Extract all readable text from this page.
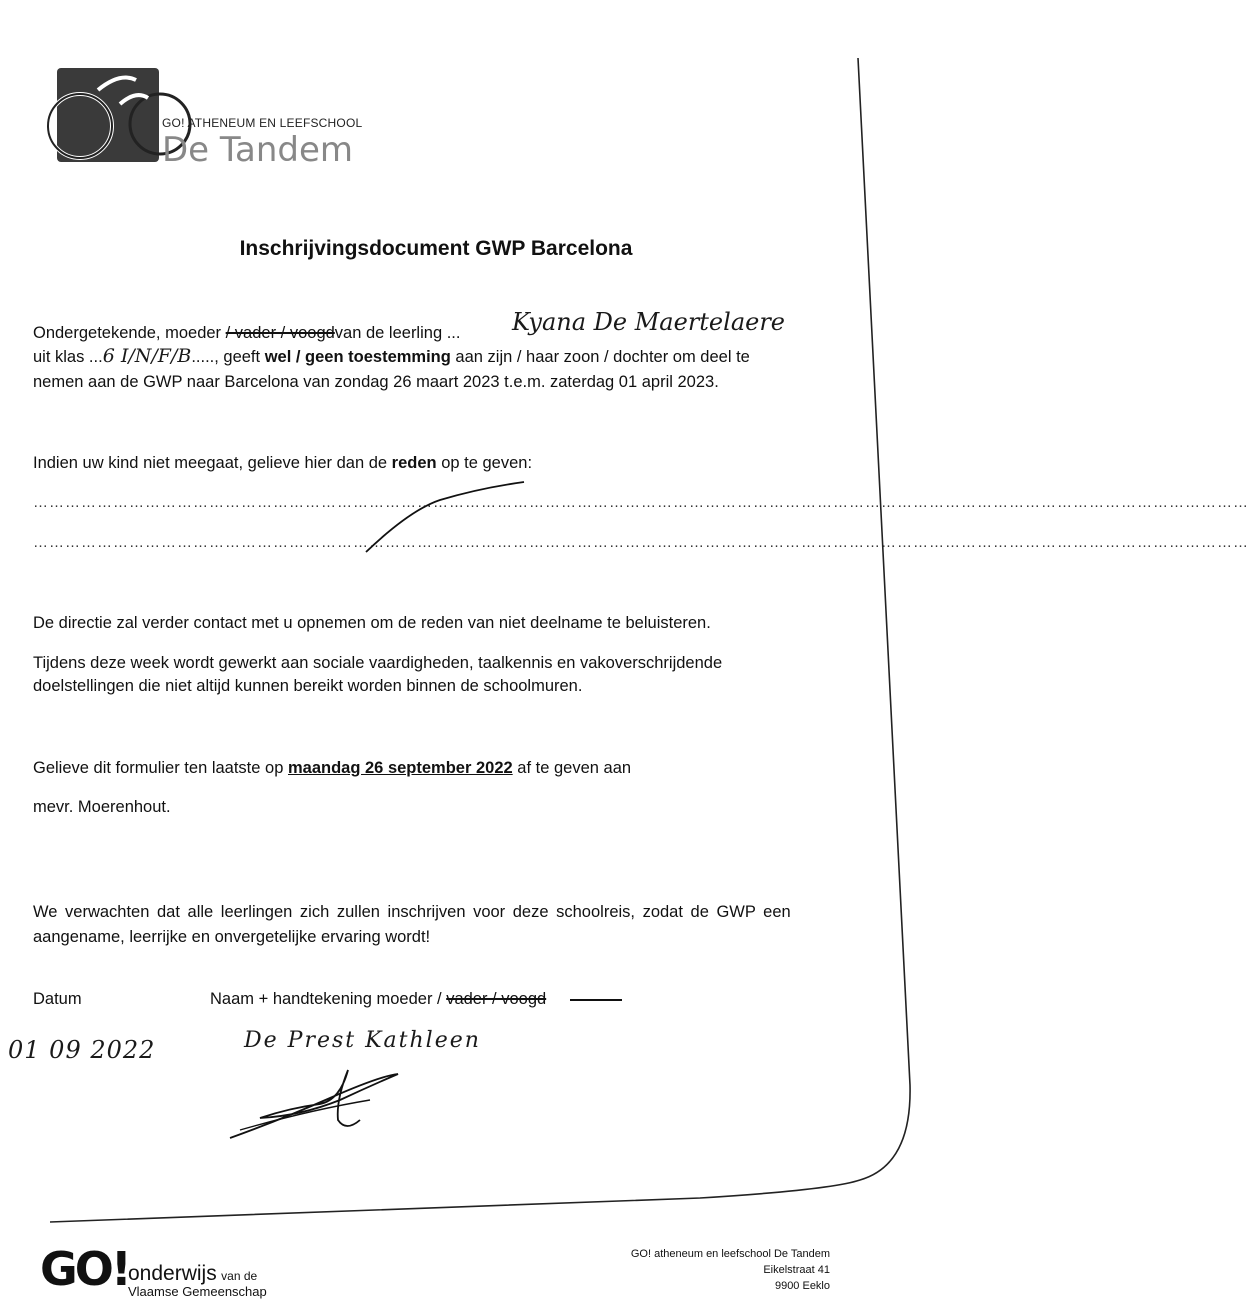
GO! ATHENEUM EN LEEFSCHOOL
De Tandem
Inschrijvingsdocument GWP Barcelona
Ondergetekende, moeder / vader / voogdvan de leerling ... Kyana De Maertelaere
uit klas ...6 I/N/F/B....., geeft wel / geen toestemming aan zijn / haar zoon / dochter om deel te
nemen aan de GWP naar Barcelona van zondag 26 maart 2023 t.e.m. zaterdag 01 april 2023.
Indien uw kind niet meegaat, gelieve hier dan de reden op te geven:
…………………………………………………………………………………………………………………………………………………………………………………………………………
…………………………………………………………………………………………………………………………………………………………………………………………………………
De directie zal verder contact met u opnemen om de reden van niet deelname te beluisteren.
Tijdens deze week wordt gewerkt aan sociale vaardigheden, taalkennis en vakoverschrijdende
doelstellingen die niet altijd kunnen bereikt worden binnen de schoolmuren.
Gelieve dit formulier ten laatste op maandag 26 september 2022 af te geven aan
mevr. Moerenhout.
We verwachten dat alle leerlingen zich zullen inschrijven voor deze schoolreis, zodat de GWP een
aangename, leerrijke en onvergetelijke ervaring wordt!
Datum	Naam + handtekening moeder / vader / voogd
01 09 2022	De Prest Kathleen
GO! onderwijs van de
Vlaamse Gemeenschap
GO! atheneum en leefschool De Tandem
Eikelstraat 41
9900 Eeklo
